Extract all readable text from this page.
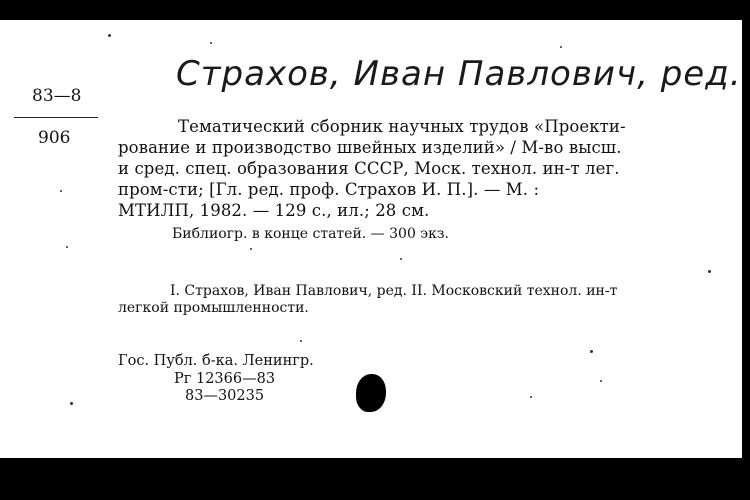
83—8
906
Страхов, Иван Павлович, ред.
Тематический сборник научных трудов «Проекти-
рование и производство швейных изделий» / М-во высш.
и сред. спец. образования СССР, Моск. технол. ин-т лег.
пром-сти; [Гл. ред. проф. Страхов И. П.]. — М. :
МТИЛП, 1982. — 129 с., ил.; 28 см.
Библиогр. в конце статей. — 300 экз.
I. Страхов, Иван Павлович, ред. II. Московский технол. ин-т
легкой промышленности.
Гос. Публ. б-ка. Ленингр.
Рг 12366—83
83—30235
